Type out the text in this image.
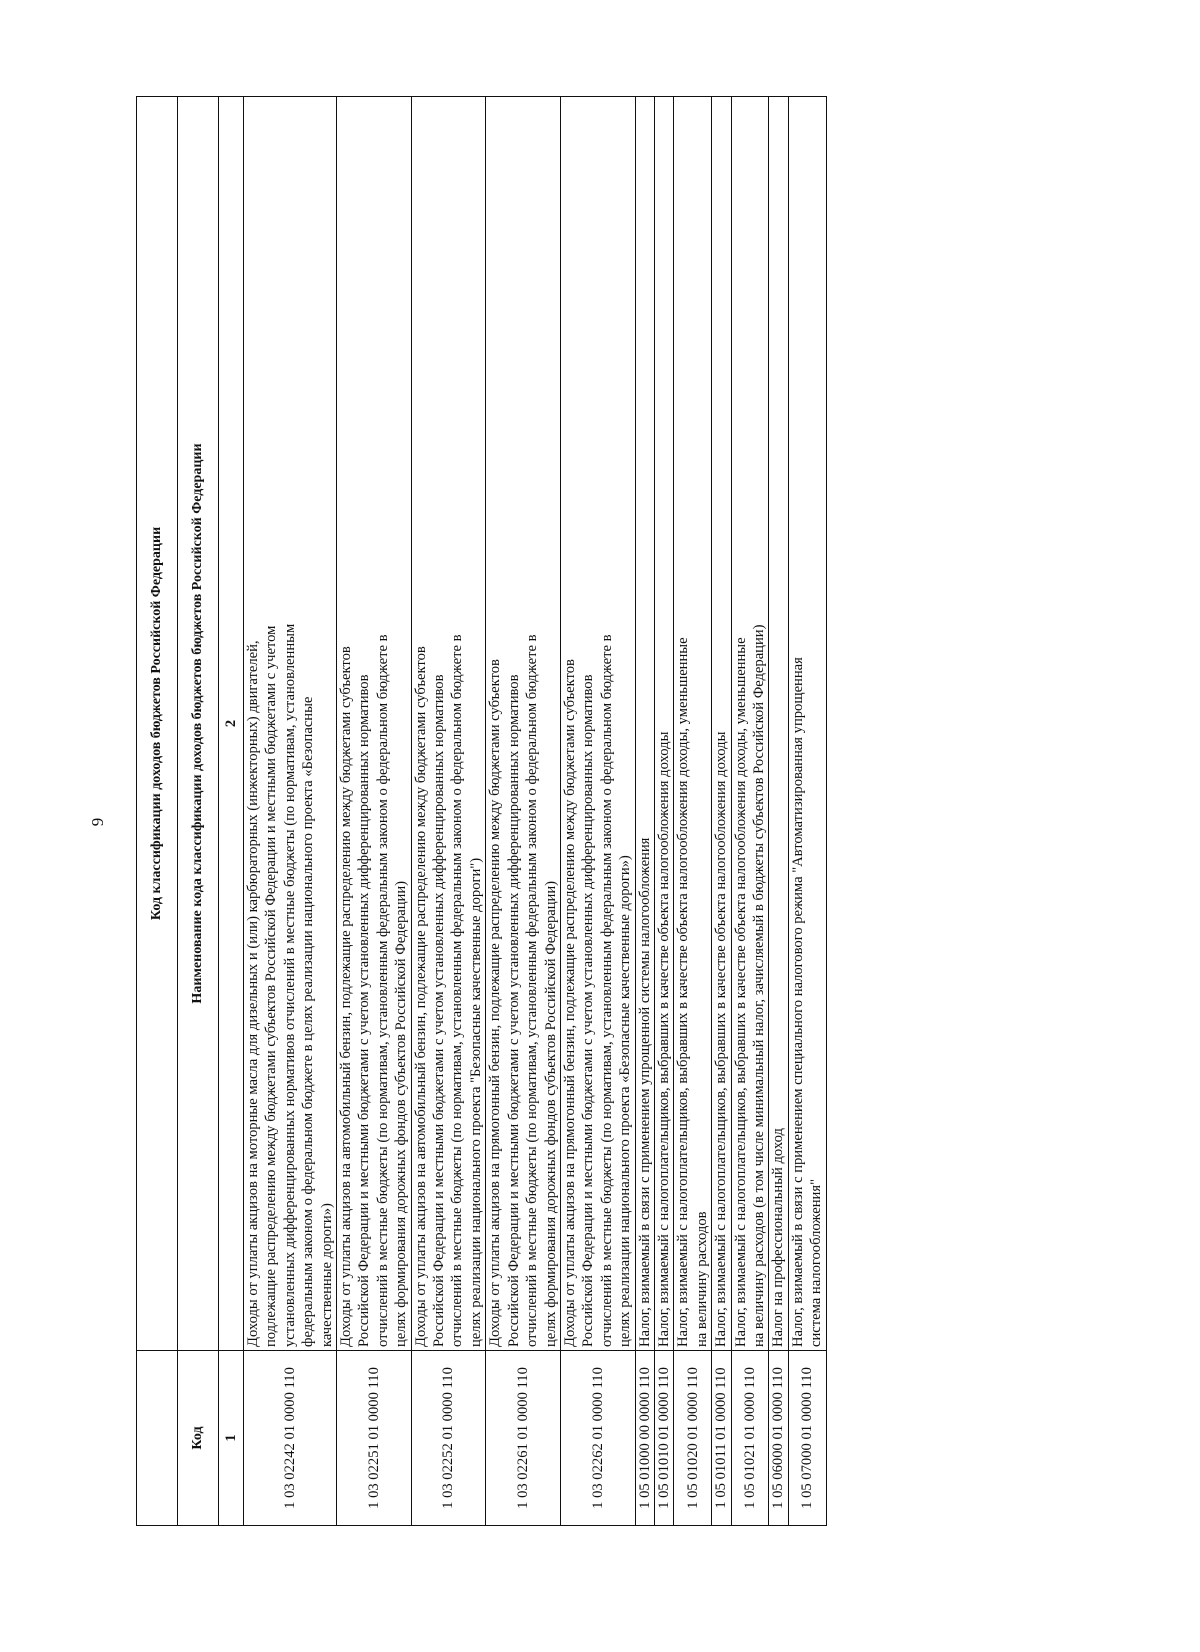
9
		Код классификации доходов бюджетов Российской Федерации
Код	Наименование кода классификации доходов бюджетов бюджетов Российской Федерации
1	2
1 03 02242 01 0000 110	Доходы от уплаты акцизов на моторные масла для дизельных и (или) карбюраторных (инжекторных) двигателей, подлежащие распределению между бюджетами субъектов Российской Федерации и местными бюджетами с учетом установленных дифференцированных нормативов отчислений в местные бюджеты (по нормативам, установленным федеральным законом о федеральном бюджете в целях реализации национального проекта «Безопасные качественные дороги»)

1 03 02251 01 0000 110	Доходы от уплаты акцизов на автомобильный бензин, подлежащие распределению между бюджетами субъектов Российской Федерации и местными бюджетами с учетом установленных дифференцированных нормативов отчислений в местные бюджеты (по нормативам, установленным федеральным законом о федеральном бюджете в целях формирования дорожных фондов субъектов Российской Федерации)

1 03 02252 01 0000 110	Доходы от уплаты акцизов на автомобильный бензин, подлежащие распределению между бюджетами субъектов Российской Федерации и местными бюджетами с учетом установленных дифференцированных нормативов отчислений в местные бюджеты (по нормативам, установленным федеральным законом о федеральном бюджете в целях реализации национального проекта "Безопасные качественные дороги")

1 03 02261 01 0000 110	Доходы от уплаты акцизов на прямогонный бензин, подлежащие распределению между бюджетами субъектов Российской Федерации и местными бюджетами с учетом установленных дифференцированных нормативов отчислений в местные бюджеты (по нормативам, установленным федеральным законом о федеральном бюджете в целях формирования дорожных фондов субъектов Российской Федерации)

1 03 02262 01 0000 110	Доходы от уплаты акцизов на прямогонный бензин, подлежащие распределению между бюджетами субъектов Российской Федерации и местными бюджетами с учетом установленных дифференцированных нормативов отчислений в местные бюджеты (по нормативам, установленным федеральным законом о федеральном бюджете в целях реализации национального проекта «Безопасные качественные дороги»)

1 05 01000 00 0000 110	Налог, взимаемый в связи с применением упрощенной системы налогообложения

1 05 01010 01 0000 110	Налог, взимаемый с налогоплательщиков, выбравших в качестве объекта налогообложения доходы

1 05 01020 01 0000 110	Налог, взимаемый с налогоплательщиков, выбравших в качестве объекта налогообложения доходы, уменьшенные на величину расходов

1 05 01011 01 0000 110	Налог, взимаемый с налогоплательщиков, выбравших в качестве объекта налогообложения доходы

1 05 01021 01 0000 110	Налог, взимаемый с налогоплательщиков, выбравших в качестве объекта налогообложения доходы, уменьшенные на величину расходов (в том числе минимальный налог, зачисляемый в бюджеты субъектов Российской Федерации)

1 05 06000 01 0000 110	Налог на профессиональный доход

1 05 07000 01 0000 110	Налог, взимаемый в связи с применением специального налогового режима "Автоматизированная упрощенная система налогообложения"
